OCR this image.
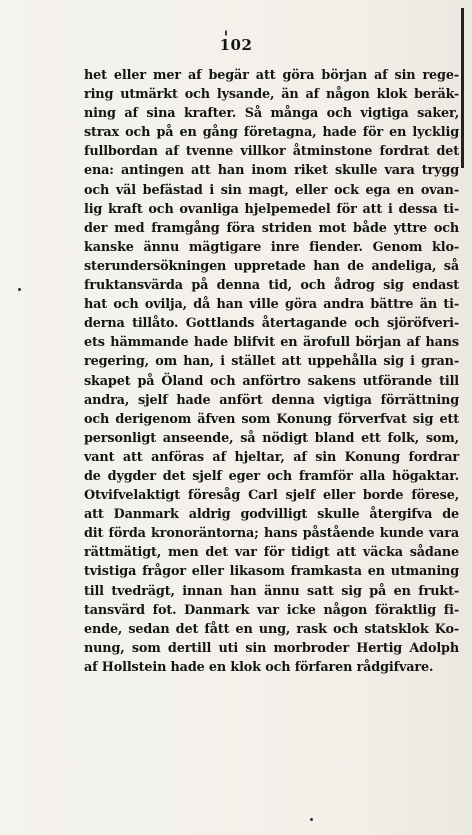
102
het eller mer af begär att göra början af sin rege-
ring utmärkt och lysande, än af någon klok beräk-
ning af sina krafter. Så många och vigtiga saker,
strax och på en gång företagna, hade för en lycklig
fullbordan af tvenne villkor åtminstone fordrat det
ena: antingen att han inom riket skulle vara trygg
och väl befästad i sin magt, eller ock ega en ovan-
lig kraft och ovanliga hjelpemedel för att i dessa ti-
der med framgång föra striden mot både yttre och
kanske ännu mägtigare inre fiender. Genom klo-
sterundersökningen uppretade han de andeliga, så
fruktansvärda på denna tid, och ådrog sig endast
hat och ovilja, då han ville göra andra bättre än ti-
derna tillåto. Gottlands återtagande och sjöröfveri-
ets hämmande hade blifvit en ärofull början af hans
regering, om han, i stället att uppehålla sig i gran-
skapet på Öland och anförtro sakens utförande till
andra, sjelf hade anfört denna vigtiga förrättning
och derigenom äfven som Konung förverfvat sig ett
personligt anseende, så nödigt bland ett folk, som,
vant att anföras af hjeltar, af sin Konung fordrar
de dygder det sjelf eger och framför alla högaktar.
Otvifvelaktigt föresåg Carl sjelf eller borde förese,
att Danmark aldrig godvilligt skulle återgifva de
dit förda kronoräntorna; hans påstående kunde vara
rättmätigt, men det var för tidigt att väcka sådane
tvistiga frågor eller likasom framkasta en utmaning
till tvedrägt, innan han ännu satt sig på en frukt-
tansvärd fot. Danmark var icke någon föraktlig fi-
ende, sedan det fått en ung, rask och statsklok Ko-
nung, som dertill uti sin morbroder Hertig Adolph
af Hollstein hade en klok och förfaren rådgifvare.
